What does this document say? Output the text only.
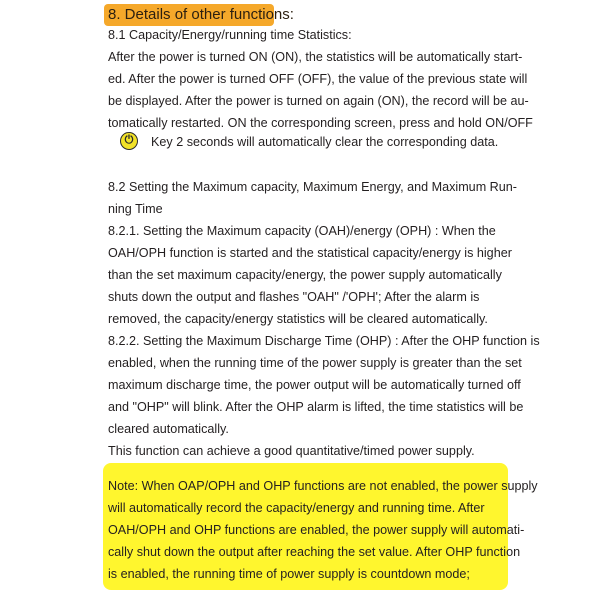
8. Details of other functions:
8.1 Capacity/Energy/running time Statistics:
After the power is turned ON (ON), the statistics will be automatically start-
ed. After the power is turned OFF (OFF), the value of the previous state will
be displayed. After the power is turned on again (ON), the record will be au-
tomatically restarted. ON the corresponding screen, press and hold ON/OFF
⏻	Key 2 seconds will automatically clear the corresponding data.
8.2 Setting the Maximum capacity, Maximum Energy, and Maximum Run-
ning Time
8.2.1. Setting the Maximum capacity (OAH)/energy (OPH) : When the
OAH/OPH function is started and the statistical capacity/energy is higher
than the set maximum capacity/energy, the power supply automatically
shuts down the output and flashes "OAH" /'OPH'; After the alarm is
removed, the capacity/energy statistics will be cleared automatically.
8.2.2. Setting the Maximum Discharge Time (OHP) : After the OHP function is
enabled, when the running time of the power supply is greater than the set
maximum discharge time, the power output will be automatically turned off
and "OHP" will blink. After the OHP alarm is lifted, the time statistics will be
cleared automatically.
This function can achieve a good quantitative/timed power supply.
Note: When OAP/OPH and OHP functions are not enabled, the power supply
will automatically record the capacity/energy and running time. After
OAH/OPH and OHP functions are enabled, the power supply will automati-
cally shut down the output after reaching the set value. After OHP function
is enabled, the running time of power supply is countdown mode;
